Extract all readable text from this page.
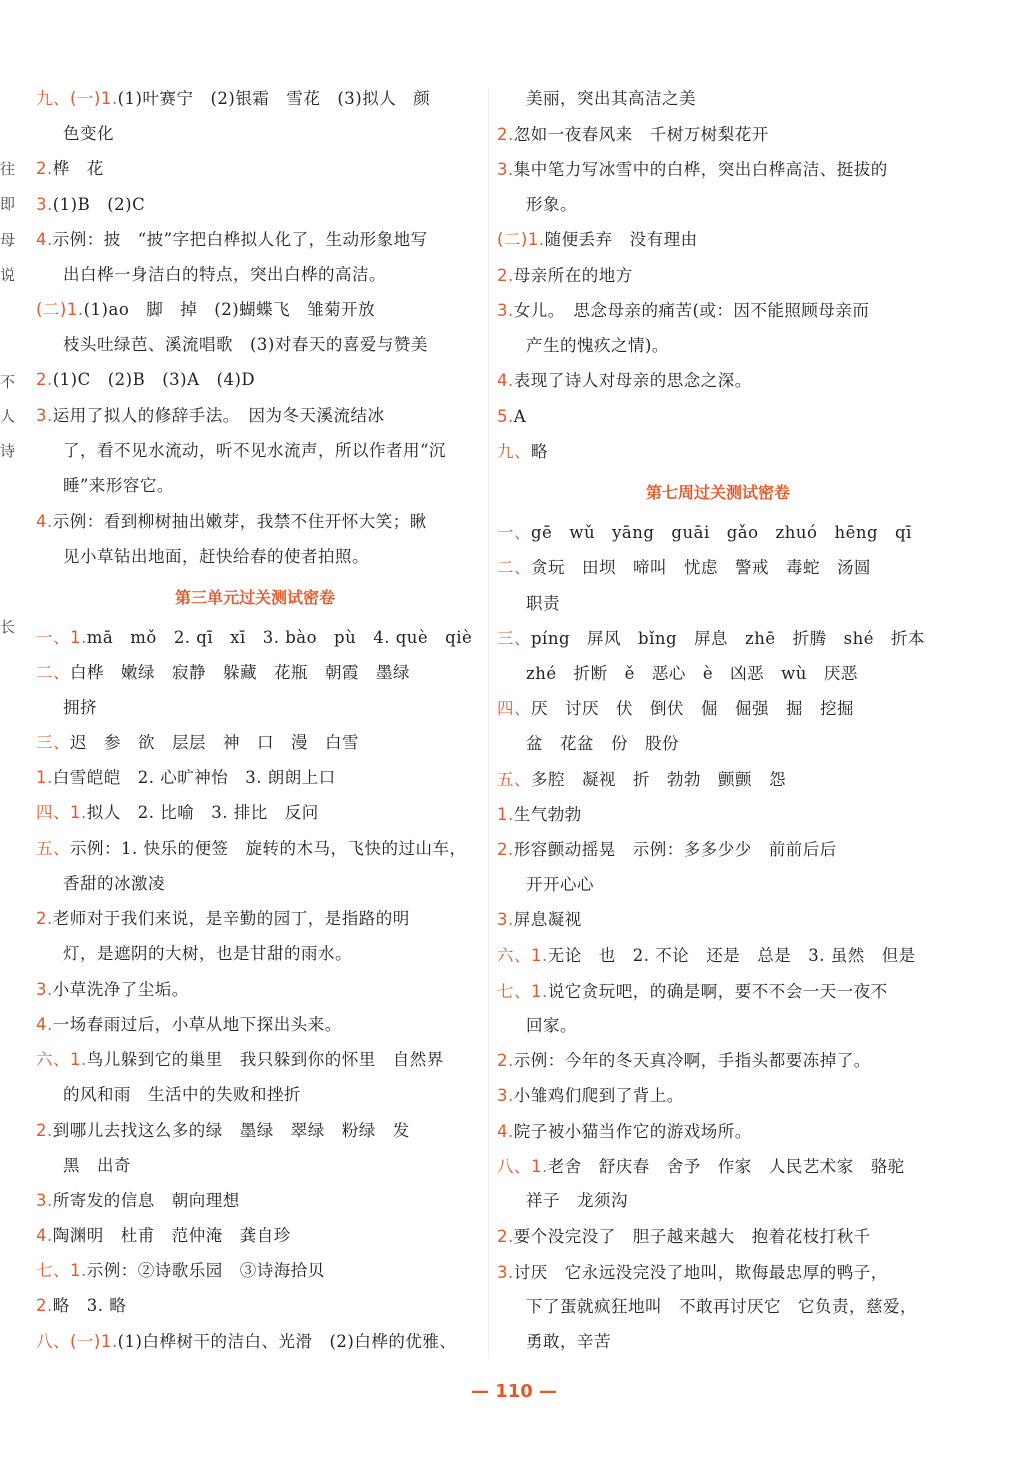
往
即
母
说
不
人
诗
长
九、(一)1.(1)叶赛宁　(2)银霜　雪花　(3)拟人　颜
色变化
2.桦　花
3.(1)B　(2)C
4.示例：披　“披”字把白桦拟人化了，生动形象地写
出白桦一身洁白的特点，突出白桦的高洁。
(二)1.(1)ao　脚　掉　(2)蝴蝶飞　雏菊开放
枝头吐绿芭、溪流唱歌　(3)对春天的喜爱与赞美
2.(1)C　(2)B　(3)A　(4)D
3.运用了拟人的修辞手法。　因为冬天溪流结冰
了，看不见水流动，听不见水流声，所以作者用“沉
睡”来形容它。
4.示例：看到柳树抽出嫩芽，我禁不住开怀大笑；瞅
见小草钻出地面，赶快给春的使者拍照。
第三单元过关测试密卷
一、1.mā　mǒ　2. qī　xī　3. bào　pù　4. què　qiè
二、白桦　嫩绿　寂静　躲藏　花瓶　朝霞　墨绿
拥挤
三、迟　参　欲　层层　神　口　漫　白雪
1.白雪皑皑　2. 心旷神怡　3. 朗朗上口
四、1.拟人　2. 比喻　3. 排比　反问
五、示例：1. 快乐的便签　旋转的木马，飞快的过山车，
香甜的冰激凌
2.老师对于我们来说，是辛勤的园丁，是指路的明
灯，是遮阴的大树，也是甘甜的雨水。
3.小草洗净了尘垢。
4.一场春雨过后，小草从地下探出头来。
六、1.鸟儿躲到它的巢里　我只躲到你的怀里　自然界
的风和雨　生活中的失败和挫折
2.到哪儿去找这么多的绿　墨绿　翠绿　粉绿　发
黑　出奇
3.所寄发的信息　朝向理想
4.陶渊明　杜甫　范仲淹　龚自珍
七、1.示例：②诗歌乐园　③诗海拾贝
2.略　3. 略
八、(一)1.(1)白桦树干的洁白、光滑　(2)白桦的优雅、
美丽，突出其高洁之美
2.忽如一夜春风来　千树万树梨花开
3.集中笔力写冰雪中的白桦，突出白桦高洁、挺拔的
形象。
(二)1.随便丢弃　没有理由
2.母亲所在的地方
3.女儿。　思念母亲的痛苦(或：因不能照顾母亲而
产生的愧疚之情)。
4.表现了诗人对母亲的思念之深。
5.A
九、略
第七周过关测试密卷
一、gē　wǔ　yāng　guāi　gǎo　zhuó　hēng　qī
二、贪玩　田坝　啼叫　忧虑　警戒　毒蛇　汤圆
职责
三、píng　屏风　bǐng　屏息　zhē　折腾　shé　折本
zhé　折断　ě　恶心　è　凶恶　wù　厌恶
四、厌　讨厌　伏　倒伏　倔　倔强　掘　挖掘
盆　花盆　份　股份
五、多腔　凝视　折　勃勃　颤颤　怨
1.生气勃勃
2.形容颤动摇晃　示例：多多少少　前前后后
开开心心
3.屏息凝视
六、1.无论　也　2. 不论　还是　总是　3. 虽然　但是
七、1.说它贪玩吧，的确是啊，要不不会一天一夜不
回家。
2.示例：今年的冬天真冷啊，手指头都要冻掉了。
3.小雏鸡们爬到了背上。
4.院子被小猫当作它的游戏场所。
八、1.老舍　舒庆春　舍予　作家　人民艺术家　骆驼
祥子　龙须沟
2.要个没完没了　胆子越来越大　抱着花枝打秋千
3.讨厌　它永远没完没了地叫，欺侮最忠厚的鸭子，
下了蛋就疯狂地叫　不敢再讨厌它　它负责，慈爱，
勇敢，辛苦
— 110 —
